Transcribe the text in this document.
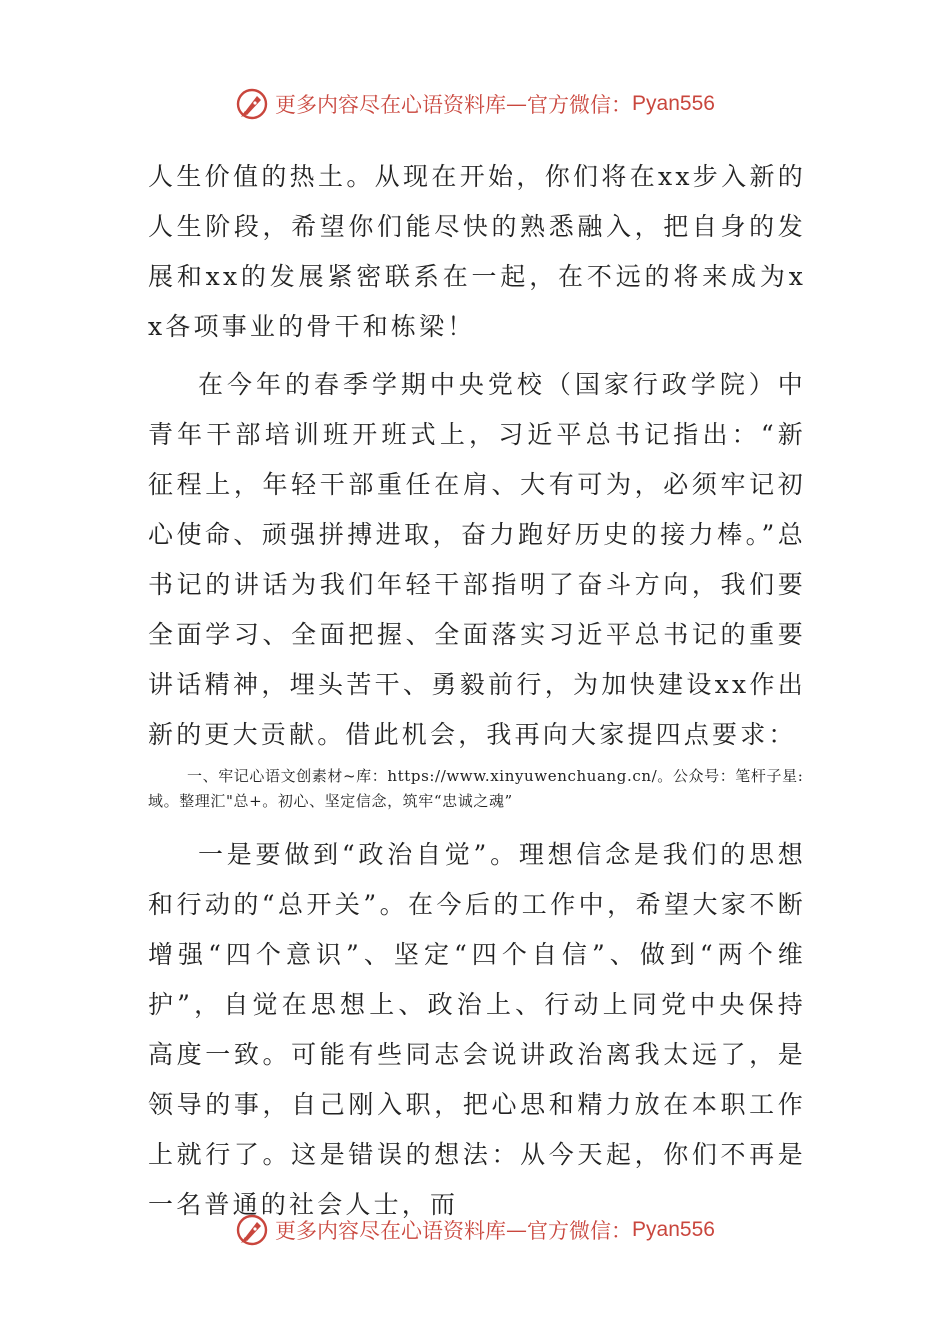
更多内容尽在心语资料库 — 官方微信： Pyan556

人生价值的热土。从现在开始，你们将在xx步入新的人生阶段，希望你们能尽快的熟悉融入，把自身的发展和xx的发展紧密联系在一起，在不远的将来成为xx各项事业的骨干和栋梁！

在今年的春季学期中央党校（国家行政学院）中青年干部培训班开班式上，习近平总书记指出：“新征程上，年轻干部重任在肩、大有可为，必须牢记初心使命、顽强拼搏进取，奋力跑好历史的接力棒。”总书记的讲话为我们年轻干部指明了奋斗方向，我们要全面学习、全面把握、全面落实习近平总书记的重要讲话精神，埋头苦干、勇毅前行，为加快建设xx作出新的更大贡献。借此机会，我再向大家提四点要求：

一、牢记心语文创素材~库：https://www.xinyuwenchuang.cn/。公众号：笔杆子星:域。整理汇"总+。初心、坚定信念，筑牢“忠诚之魂”

一是要做到“政治自觉”。理想信念是我们的思想和行动的“总开关”。在今后的工作中，希望大家不断增强“四个意识”、坚定“四个自信”、做到“两个维护”，自觉在思想上、政治上、行动上同党中央保持高度一致。可能有些同志会说讲政治离我太远了，是领导的事，自己刚入职，把心思和精力放在本职工作上就行了。这是错误的想法：从今天起，你们不再是一名普通的社会人士，而

更多内容尽在心语资料库 — 官方微信： Pyan556
